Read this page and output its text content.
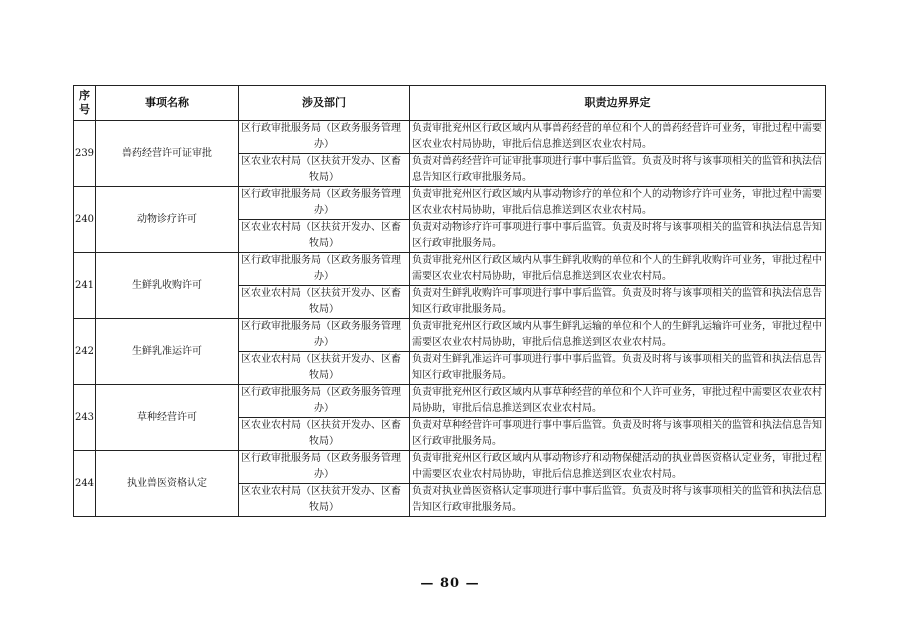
序
号	事项名称	涉及部门	职责边界界定
239	兽药经营许可证审批	区行政审批服务局（区政务服务管理
办）	负责审批兖州区行政区域内从事兽药经营的单位和个人的兽药经营许可业务，审批过程中需要区农业农村局协助，审批后信息推送到区农业农村局。

		区农业农村局（区扶贫开发办、区畜
牧局）	负责对兽药经营许可证审批事项进行事中事后监管。负责及时将与该事项相关的监管和执法信息告知区行政审批服务局。
240	动物诊疗许可	区行政审批服务局（区政务服务管理
办）	负责审批兖州区行政区域内从事动物诊疗的单位和个人的动物诊疗许可业务，审批过程中需要区农业农村局协助，审批后信息推送到区农业农村局。

		区农业农村局（区扶贫开发办、区畜
牧局）	负责对动物诊疗许可事项进行事中事后监管。负责及时将与该事项相关的监管和执法信息告知区行政审批服务局。
241	生鲜乳收购许可	区行政审批服务局（区政务服务管理
办）	负责审批兖州区行政区域内从事生鲜乳收购的单位和个人的生鲜乳收购许可业务，审批过程中需要区农业农村局协助，审批后信息推送到区农业农村局。

		区农业农村局（区扶贫开发办、区畜
牧局）	负责对生鲜乳收购许可事项进行事中事后监管。负责及时将与该事项相关的监管和执法信息告知区行政审批服务局。
242	生鲜乳准运许可	区行政审批服务局（区政务服务管理
办）	负责审批兖州区行政区域内从事生鲜乳运输的单位和个人的生鲜乳运输许可业务，审批过程中需要区农业农村局协助，审批后信息推送到区农业农村局。

		区农业农村局（区扶贫开发办、区畜
牧局）	负责对生鲜乳准运许可事项进行事中事后监管。负责及时将与该事项相关的监管和执法信息告知区行政审批服务局。
243	草种经营许可	区行政审批服务局（区政务服务管理
办）	负责审批兖州区行政区域内从事草种经营的单位和个人许可业务，审批过程中需要区农业农村局协助，审批后信息推送到区农业农村局。

		区农业农村局（区扶贫开发办、区畜
牧局）	负责对草种经营许可事项进行事中事后监管。负责及时将与该事项相关的监管和执法信息告知区行政审批服务局。
244	执业兽医资格认定	区行政审批服务局（区政务服务管理
办）	负责审批兖州区行政区域内从事动物诊疗和动物保健活动的执业兽医资格认定业务，审批过程中需要区农业农村局协助，审批后信息推送到区农业农村局。

		区农业农村局（区扶贫开发办、区畜
牧局）	负责对执业兽医资格认定事项进行事中事后监管。负责及时将与该事项相关的监管和执法信息告知区行政审批服务局。
— 80 —
